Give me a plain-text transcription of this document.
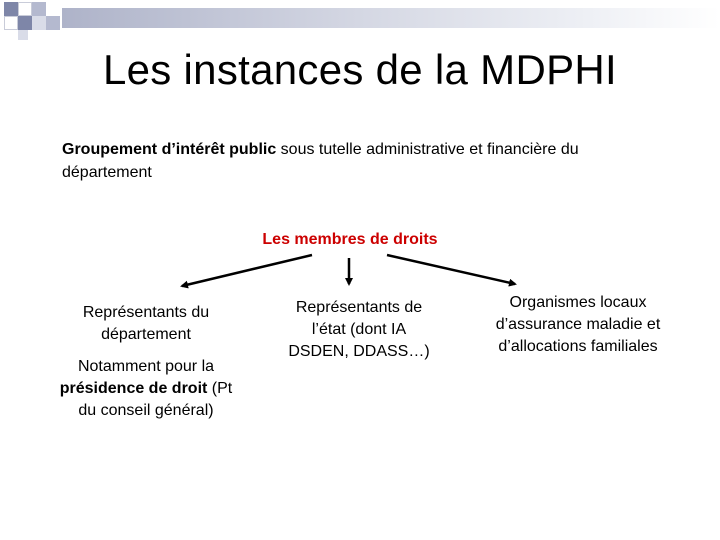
Les instances de la MDPHI
Groupement d’intérêt public sous tutelle administrative et financière du département
Les membres de droits
Représentants du département
Notamment pour la présidence de droit (Pt du conseil général)
Représentants de l’état (dont IA DSDEN, DDASS…)
Organismes locaux d’assurance maladie et d’allocations familiales
